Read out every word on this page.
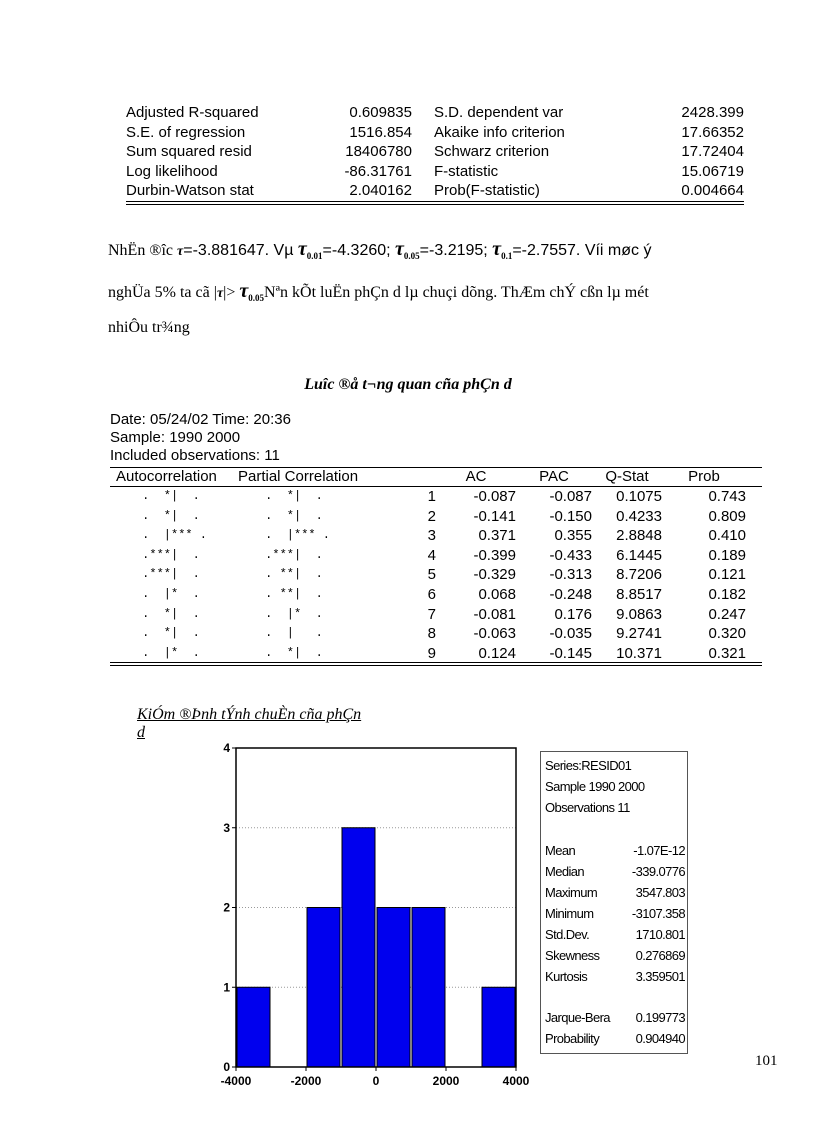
Adjusted R-squared	0.609835 S.D. dependent var	2428.399
S.E. of regression	1516.854 Akaike info criterion	17.66352
Sum squared resid	18406780 Schwarz criterion	17.72404
Log likelihood	-86.31761 F-statistic	15.06719
Durbin-Watson stat	2.040162 Prob(F-statistic)	0.004664
NhËn ®îc τ=-3.881647. Vµ $\tau_{0.01}=-4.3260$; $\tau_{0.05}=-3.2195$; $\tau_{0.1}=-2.7557$. Víi møc ý
nghÜa 5% ta cã $|\tau|> \tau_{0.05}Nªn$ kÕt luËn phÇn d lµ chuçi dõng. ThÆm chÝ cßn lµ mét
nhiÔu tr¾ng
Luîc ®å t¬ng quan cña phÇn d
Date: 05/24/02 Time: 20:36
Sample: 1990 2000
Included observations: 11
Autocorrelation	Partial Correlation	AC	PAC	Q-Stat	Prob
.  *|  .	.  *|  .	1	-0.087	-0.087	0.1075	0.743
.  *|  .	.  *|  .	2	-0.141	-0.150	0.4233	0.809
.  |*** .	.  |*** .	3	0.371	0.355	2.8848	0.410
.***|  .	.***|  .	4	-0.399	-0.433	6.1445	0.189
.***|  .	. **|  .	5	-0.329	-0.313	8.7206	0.121
.  |*  .	. **|  .	6	0.068	-0.248	8.8517	0.182
.  *|  .	.  |*  .	7	-0.081	0.176	9.0863	0.247
.  *|  .	.  |   .	8	-0.063	-0.035	9.2741	0.320
.  |*  .	.  *|  .	9	0.124	-0.145	10.371	0.321
KiÓm ®Þnh tÝnh chuÈn cña phÇn d
0
1
2
3
4
-4000	-2000	0	2000	4000
Series:RESID01
Sample 1990 2000
Observations 11
Mean	-1.07E-12
Median	-339.0776
Maximum	3547.803
Minimum	-3107.358
Std.Dev.	1710.801
Skewness	0.276869
Kurtosis	3.359501
Jarque-Bera 0.199773
Probability	0.904940
101
